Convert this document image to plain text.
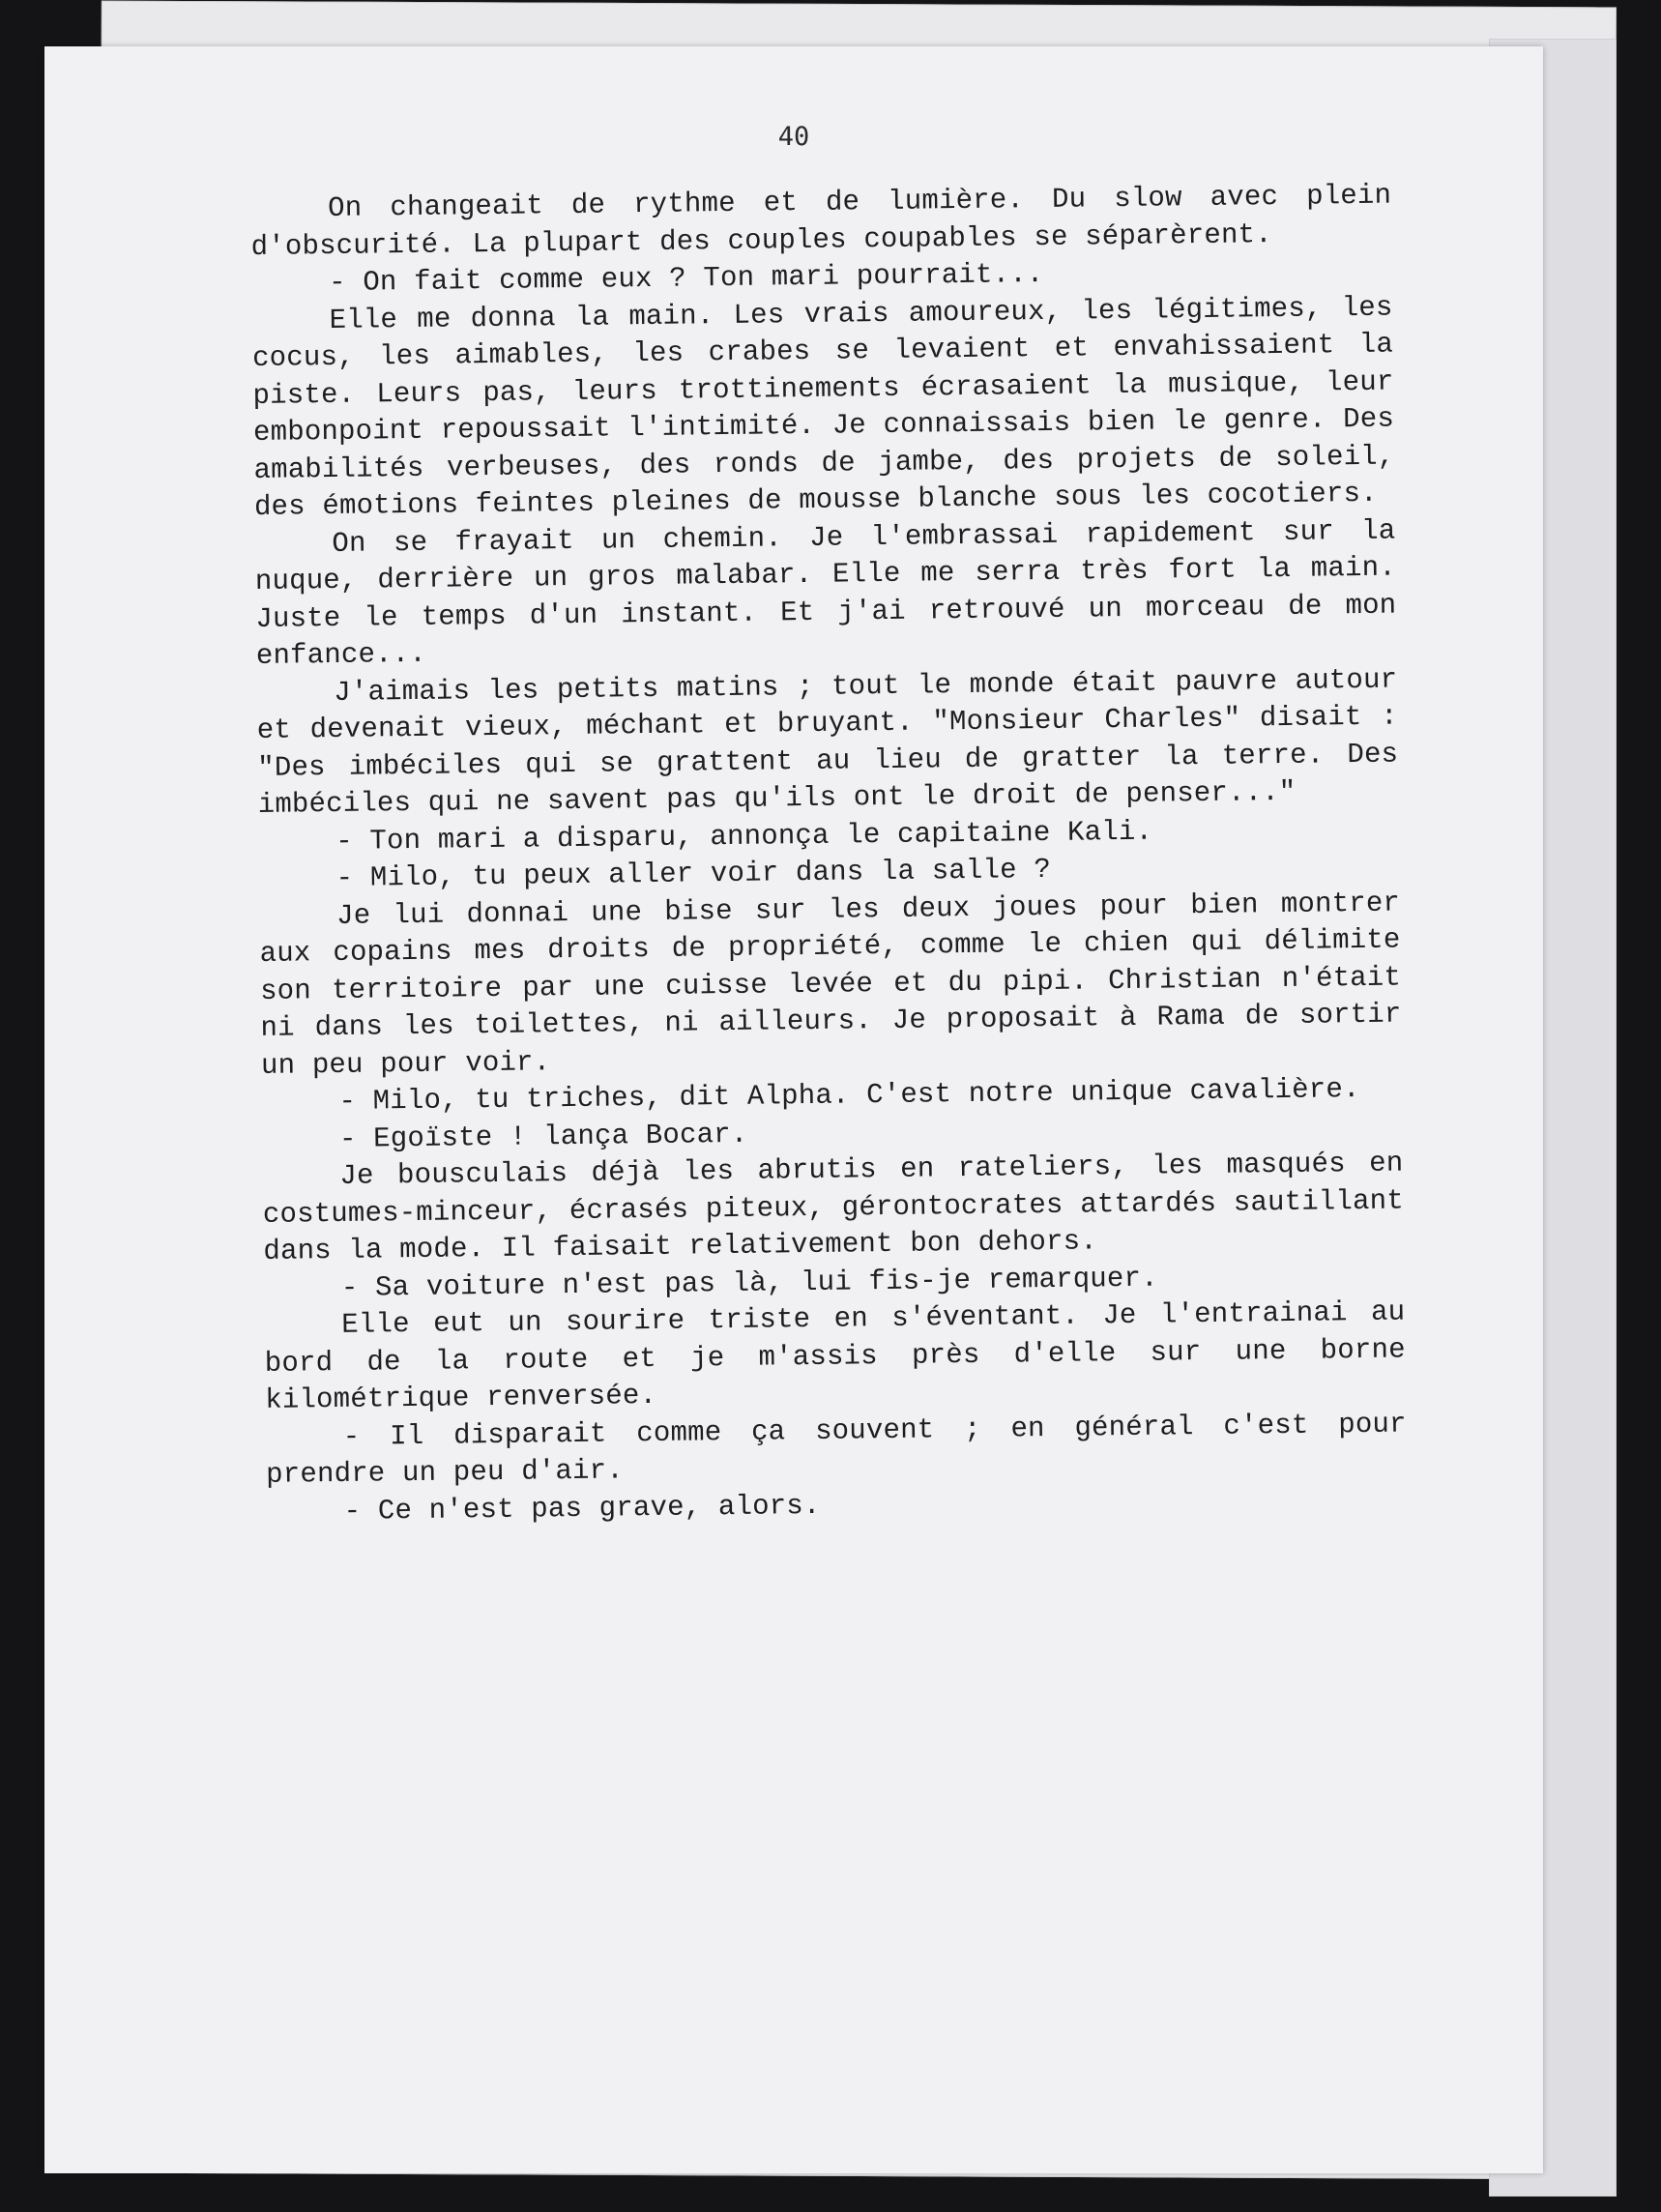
40

On changeait de rythme et de lumière. Du slow avec plein d'obscurité. La plupart des couples coupables se séparèrent.

- On fait comme eux ? Ton mari pourrait...

Elle me donna la main. Les vrais amoureux, les légitimes, les cocus, les aimables, les crabes se levaient et envahissaient la piste. Leurs pas, leurs trottinements écrasaient la musique, leur embonpoint repoussait l'intimité. Je connaissais bien le genre. Des amabilités verbeuses, des ronds de jambe, des projets de soleil, des émotions feintes pleines de mousse blanche sous les cocotiers.

On se frayait un chemin. Je l'embrassai rapidement sur la nuque, derrière un gros malabar. Elle me serra très fort la main. Juste le temps d'un instant. Et j'ai retrouvé un morceau de mon enfance...

J'aimais les petits matins ; tout le monde était pauvre autour et devenait vieux, méchant et bruyant. "Monsieur Charles" disait : "Des imbéciles qui se grattent au lieu de gratter la terre. Des imbéciles qui ne savent pas qu'ils ont le droit de penser..."

- Ton mari a disparu, annonça le capitaine Kali.

- Milo, tu peux aller voir dans la salle ?

Je lui donnai une bise sur les deux joues pour bien montrer aux copains mes droits de propriété, comme le chien qui délimite son territoire par une cuisse levée et du pipi. Christian n'était ni dans les toilettes, ni ailleurs. Je proposait à Rama de sortir un peu pour voir.

- Milo, tu triches, dit Alpha. C'est notre unique cavalière.

- Egoïste ! lança Bocar.

Je bousculais déjà les abrutis en rateliers, les masqués en costumes-minceur, écrasés piteux, gérontocrates attardés sautillant dans la mode. Il faisait relativement bon dehors.

- Sa voiture n'est pas là, lui fis-je remarquer.

Elle eut un sourire triste en s'éventant. Je l'entrainai au bord de la route et je m'assis près d'elle sur une borne kilométrique renversée.

- Il disparait comme ça souvent ; en général c'est pour prendre un peu d'air.

- Ce n'est pas grave, alors.
